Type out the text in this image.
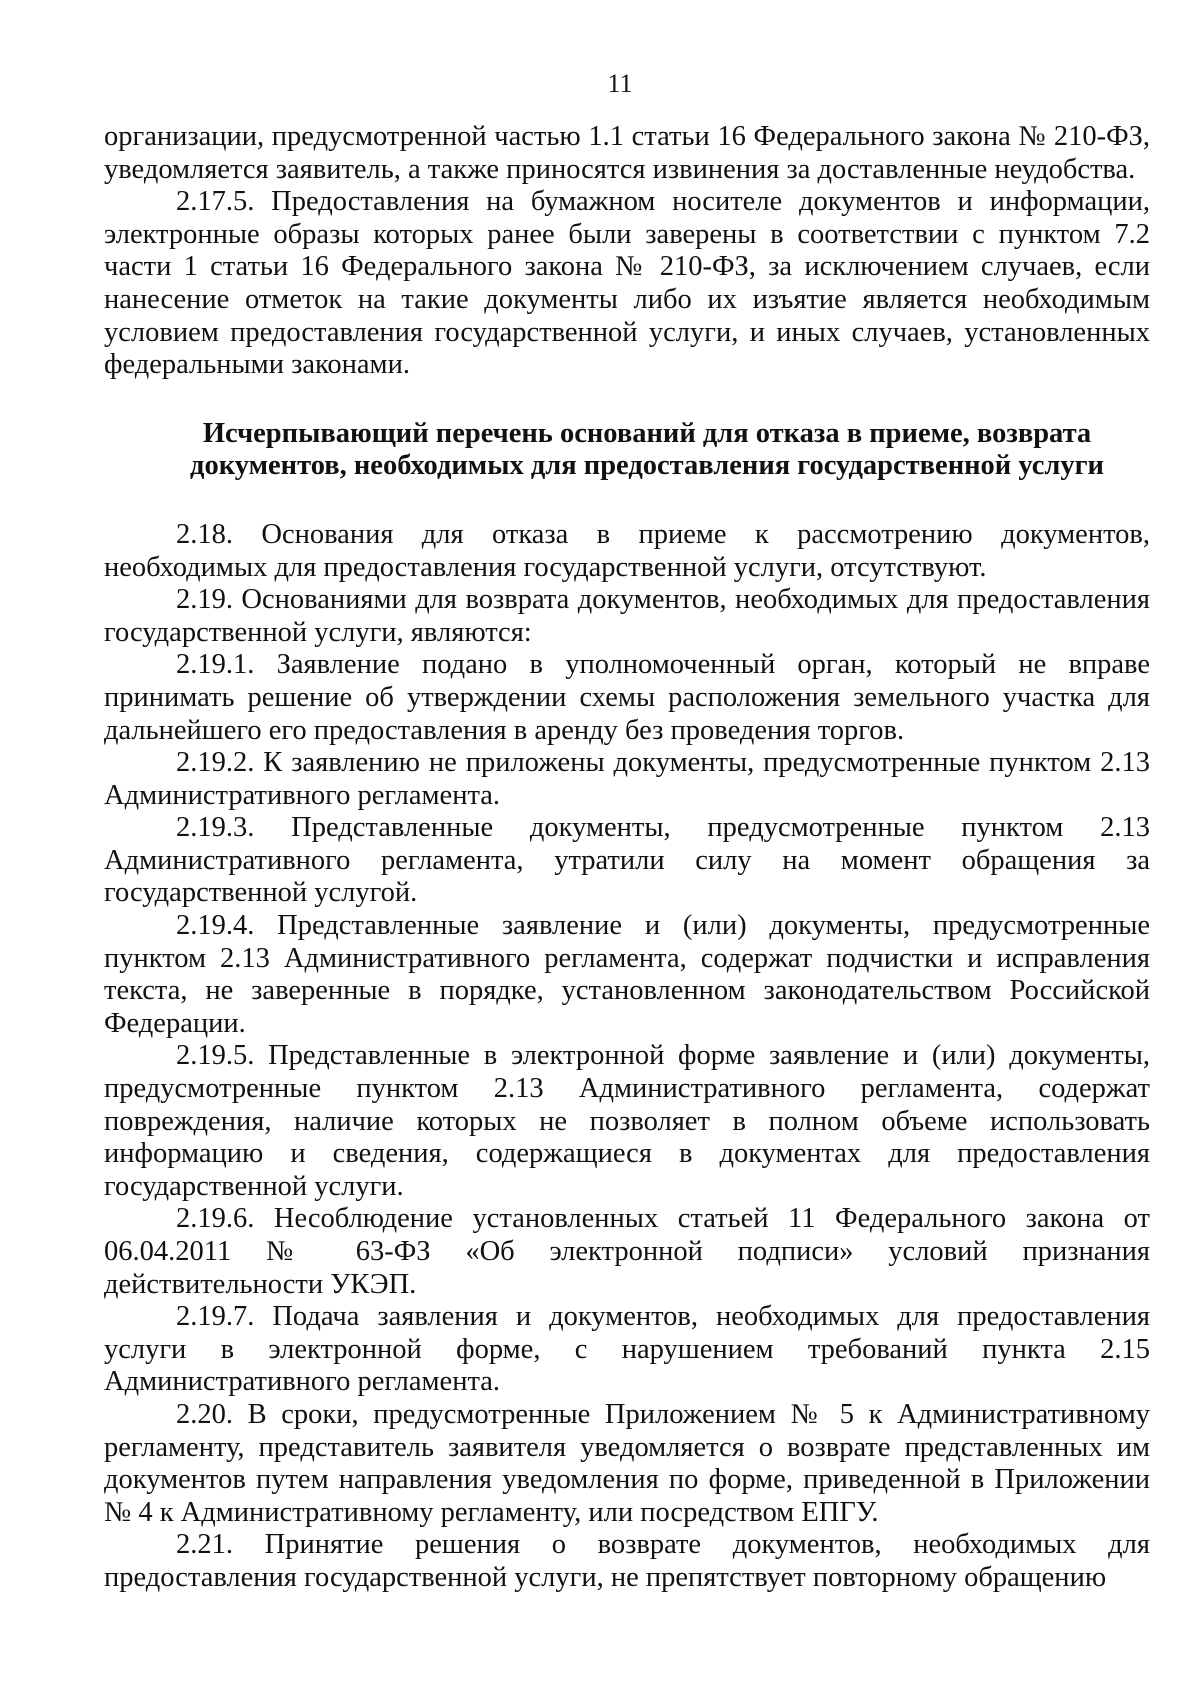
11

организации, предусмотренной частью 1.1 статьи 16 Федерального закона № 210-ФЗ, уведомляется заявитель, а также приносятся извинения за доставленные неудобства.

2.17.5. Предоставления на бумажном носителе документов и информации, электронные образы которых ранее были заверены в соответствии с пунктом 7.2 части 1 статьи 16 Федерального закона № 210-ФЗ, за исключением случаев, если нанесение отметок на такие документы либо их изъятие является необходимым условием предоставления государственной услуги, и иных случаев, установленных федеральными законами.

Исчерпывающий перечень оснований для отказа в приеме, возврата
документов, необходимых для предоставления государственной услуги

2.18. Основания для отказа в приеме к рассмотрению документов, необходимых для предоставления государственной услуги, отсутствуют.

2.19. Основаниями для возврата документов, необходимых для предоставления государственной услуги, являются:

2.19.1. Заявление подано в уполномоченный орган, который не вправе принимать решение об утверждении схемы расположения земельного участка для дальнейшего его предоставления в аренду без проведения торгов.

2.19.2. К заявлению не приложены документы, предусмотренные пунктом 2.13 Административного регламента.

2.19.3. Представленные документы, предусмотренные пунктом 2.13 Административного регламента, утратили силу на момент обращения за государственной услугой.

2.19.4. Представленные заявление и (или) документы, предусмотренные пунктом 2.13 Административного регламента, содержат подчистки и исправления текста, не заверенные в порядке, установленном законодательством Российской Федерации.

2.19.5. Представленные в электронной форме заявление и (или) документы, предусмотренные пунктом 2.13 Административного регламента, содержат повреждения, наличие которых не позволяет в полном объеме использовать информацию и сведения, содержащиеся в документах для предоставления государственной услуги.

2.19.6. Несоблюдение установленных статьей 11 Федерального закона от 06.04.2011 № 63-ФЗ «Об электронной подписи» условий признания действительности УКЭП.

2.19.7. Подача заявления и документов, необходимых для предоставления услуги в электронной форме, с нарушением требований пункта 2.15 Административного регламента.

2.20. В сроки, предусмотренные Приложением № 5 к Административному регламенту, представитель заявителя уведомляется о возврате представленных им документов путем направления уведомления по форме, приведенной в Приложении № 4 к Административному регламенту, или посредством ЕПГУ.

2.21. Принятие решения о возврате документов, необходимых для предоставления государственной услуги, не препятствует повторному обращению
